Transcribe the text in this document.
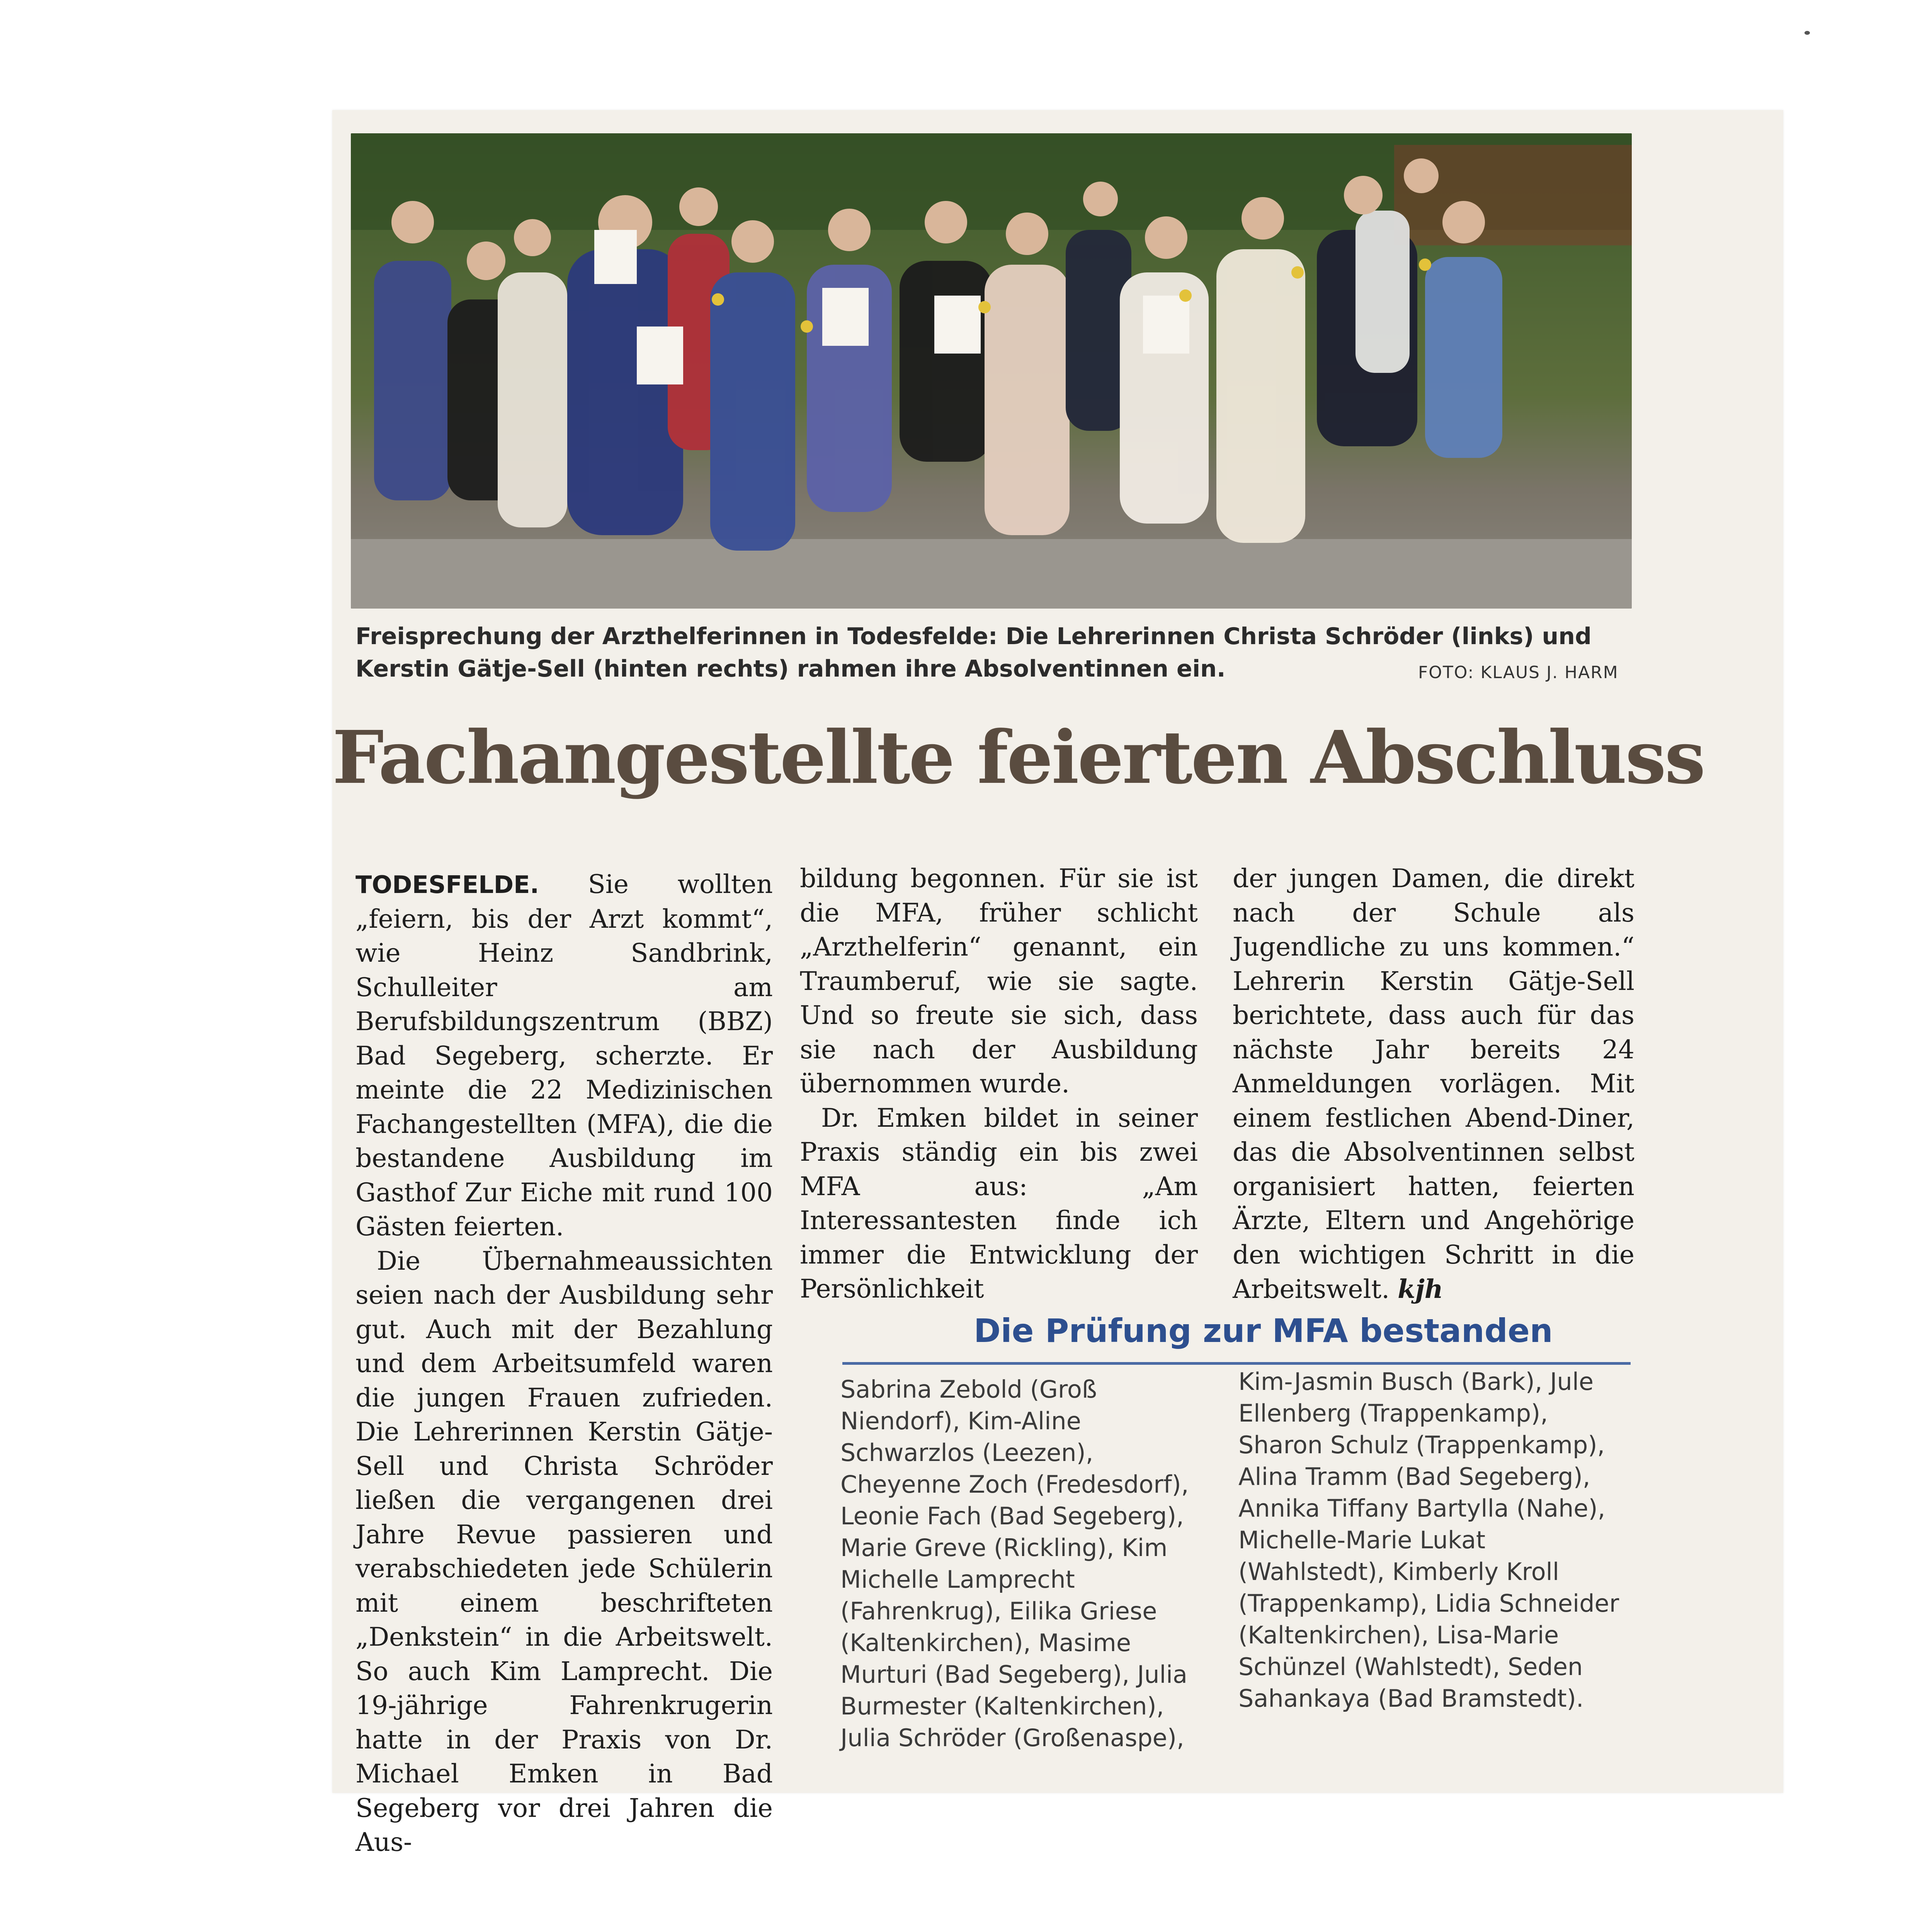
Freisprechung der Arzthelferinnen in Todesfelde: Die Lehrerinnen Christa Schröder (links) und Kerstin Gätje-Sell (hinten rechts) rahmen ihre Absolventinnen ein.	FOTO: KLAUS J. HARM
Fachangestellte feierten Abschluss

TODESFELDE. Sie wollten „feiern, bis der Arzt kommt“, wie Heinz Sandbrink, Schulleiter am Berufsbildungszentrum (BBZ) Bad Segeberg, scherzte. Er meinte die 22 Medizinischen Fachangestellten (MFA), die die bestandene Ausbildung im Gasthof Zur Eiche mit rund 100 Gästen feierten.

Die Übernahmeaussichten seien nach der Ausbildung sehr gut. Auch mit der Bezahlung und dem Arbeitsumfeld waren die jungen Frauen zufrieden. Die Lehrerinnen Kerstin Gätje-Sell und Christa Schröder ließen die vergangenen drei Jahre Revue passieren und verabschiedeten jede Schülerin mit einem beschrifteten „Denkstein“ in die Arbeitswelt. So auch Kim Lamprecht. Die 19-jährige Fahrenkrugerin hatte in der Praxis von Dr. Michael Emken in Bad Segeberg vor drei Jahren die Aus-

bildung begonnen. Für sie ist die MFA, früher schlicht „Arzthelferin“ genannt, ein Traumberuf, wie sie sagte. Und so freute sie sich, dass sie nach der Ausbildung übernommen wurde.

Dr. Emken bildet in seiner Praxis ständig ein bis zwei MFA aus: „Am Interessantesten finde ich immer die Entwicklung der Persönlichkeit

der jungen Damen, die direkt nach der Schule als Jugendliche zu uns kommen.“ Lehrerin Kerstin Gätje-Sell berichtete, dass auch für das nächste Jahr bereits 24 Anmeldungen vorlägen. Mit einem festlichen Abend-Diner, das die Absolventinnen selbst organisiert hatten, feierten Ärzte, Eltern und Angehörige den wichtigen Schritt in die Arbeitswelt. kjh

Die Prüfung zur MFA bestanden
Sabrina Zebold (Groß Niendorf), Kim-Aline Schwarzlos (Leezen), Cheyenne Zoch (Fredesdorf), Leonie Fach (Bad Segeberg), Marie Greve (Rickling), Kim Michelle Lamprecht (Fahrenkrug), Eilika Griese (Kaltenkirchen), Masime Murturi (Bad Segeberg), Julia Burmester (Kaltenkirchen), Julia Schröder (Großenaspe),
Kim-Jasmin Busch (Bark), Jule Ellenberg (Trappenkamp), Sharon Schulz (Trappenkamp), Alina Tramm (Bad Segeberg), Annika Tiffany Bartylla (Nahe), Michelle-Marie Lukat (Wahlstedt), Kimberly Kroll (Trappenkamp), Lidia Schneider (Kaltenkirchen), Lisa-Marie Schünzel (Wahlstedt), Seden Sahankaya (Bad Bramstedt).
